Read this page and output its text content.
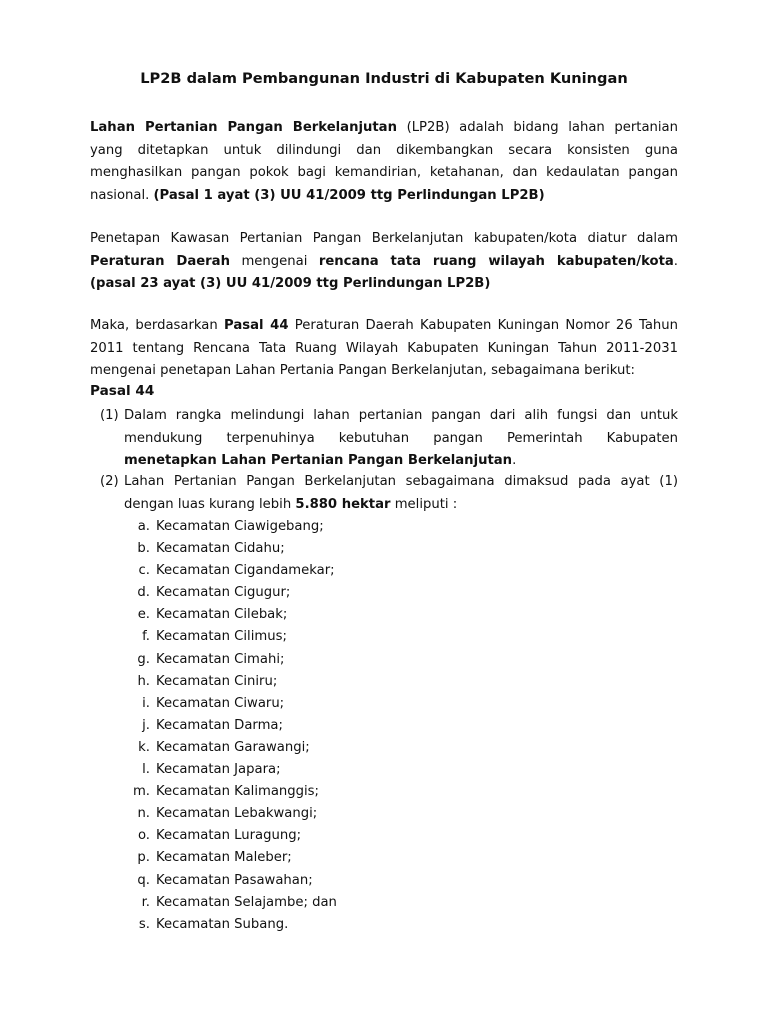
LP2B dalam Pembangunan Industri di Kabupaten Kuningan
Lahan Pertanian Pangan Berkelanjutan (LP2B) adalah bidang lahan pertanian
yang ditetapkan untuk dilindungi dan dikembangkan secara konsisten guna
menghasilkan pangan pokok bagi kemandirian, ketahanan, dan kedaulatan pangan
nasional. (Pasal 1 ayat (3) UU 41/2009 ttg Perlindungan LP2B)
Penetapan Kawasan Pertanian Pangan Berkelanjutan kabupaten/kota diatur dalam
Peraturan Daerah mengenai rencana tata ruang wilayah kabupaten/kota.
(pasal 23 ayat (3) UU 41/2009 ttg Perlindungan LP2B)
Maka, berdasarkan Pasal 44 Peraturan Daerah Kabupaten Kuningan Nomor 26 Tahun
2011 tentang Rencana Tata Ruang Wilayah Kabupaten Kuningan Tahun 2011-2031
mengenai penetapan Lahan Pertania Pangan Berkelanjutan, sebagaimana berikut:
Pasal 44
(1) Dalam rangka melindungi lahan pertanian pangan dari alih fungsi dan untuk
mendukung terpenuhinya kebutuhan pangan Pemerintah Kabupaten
menetapkan Lahan Pertanian Pangan Berkelanjutan.
(2) Lahan Pertanian Pangan Berkelanjutan sebagaimana dimaksud pada ayat (1)
dengan luas kurang lebih 5.880 hektar meliputi :
a. Kecamatan Ciawigebang;
b. Kecamatan Cidahu;
c. Kecamatan Cigandamekar;
d. Kecamatan Cigugur;
e. Kecamatan Cilebak;
f. Kecamatan Cilimus;
g. Kecamatan Cimahi;
h. Kecamatan Ciniru;
i. Kecamatan Ciwaru;
j. Kecamatan Darma;
k. Kecamatan Garawangi;
l. Kecamatan Japara;
m. Kecamatan Kalimanggis;
n. Kecamatan Lebakwangi;
o. Kecamatan Luragung;
p. Kecamatan Maleber;
q. Kecamatan Pasawahan;
r. Kecamatan Selajambe; dan
s. Kecamatan Subang.
